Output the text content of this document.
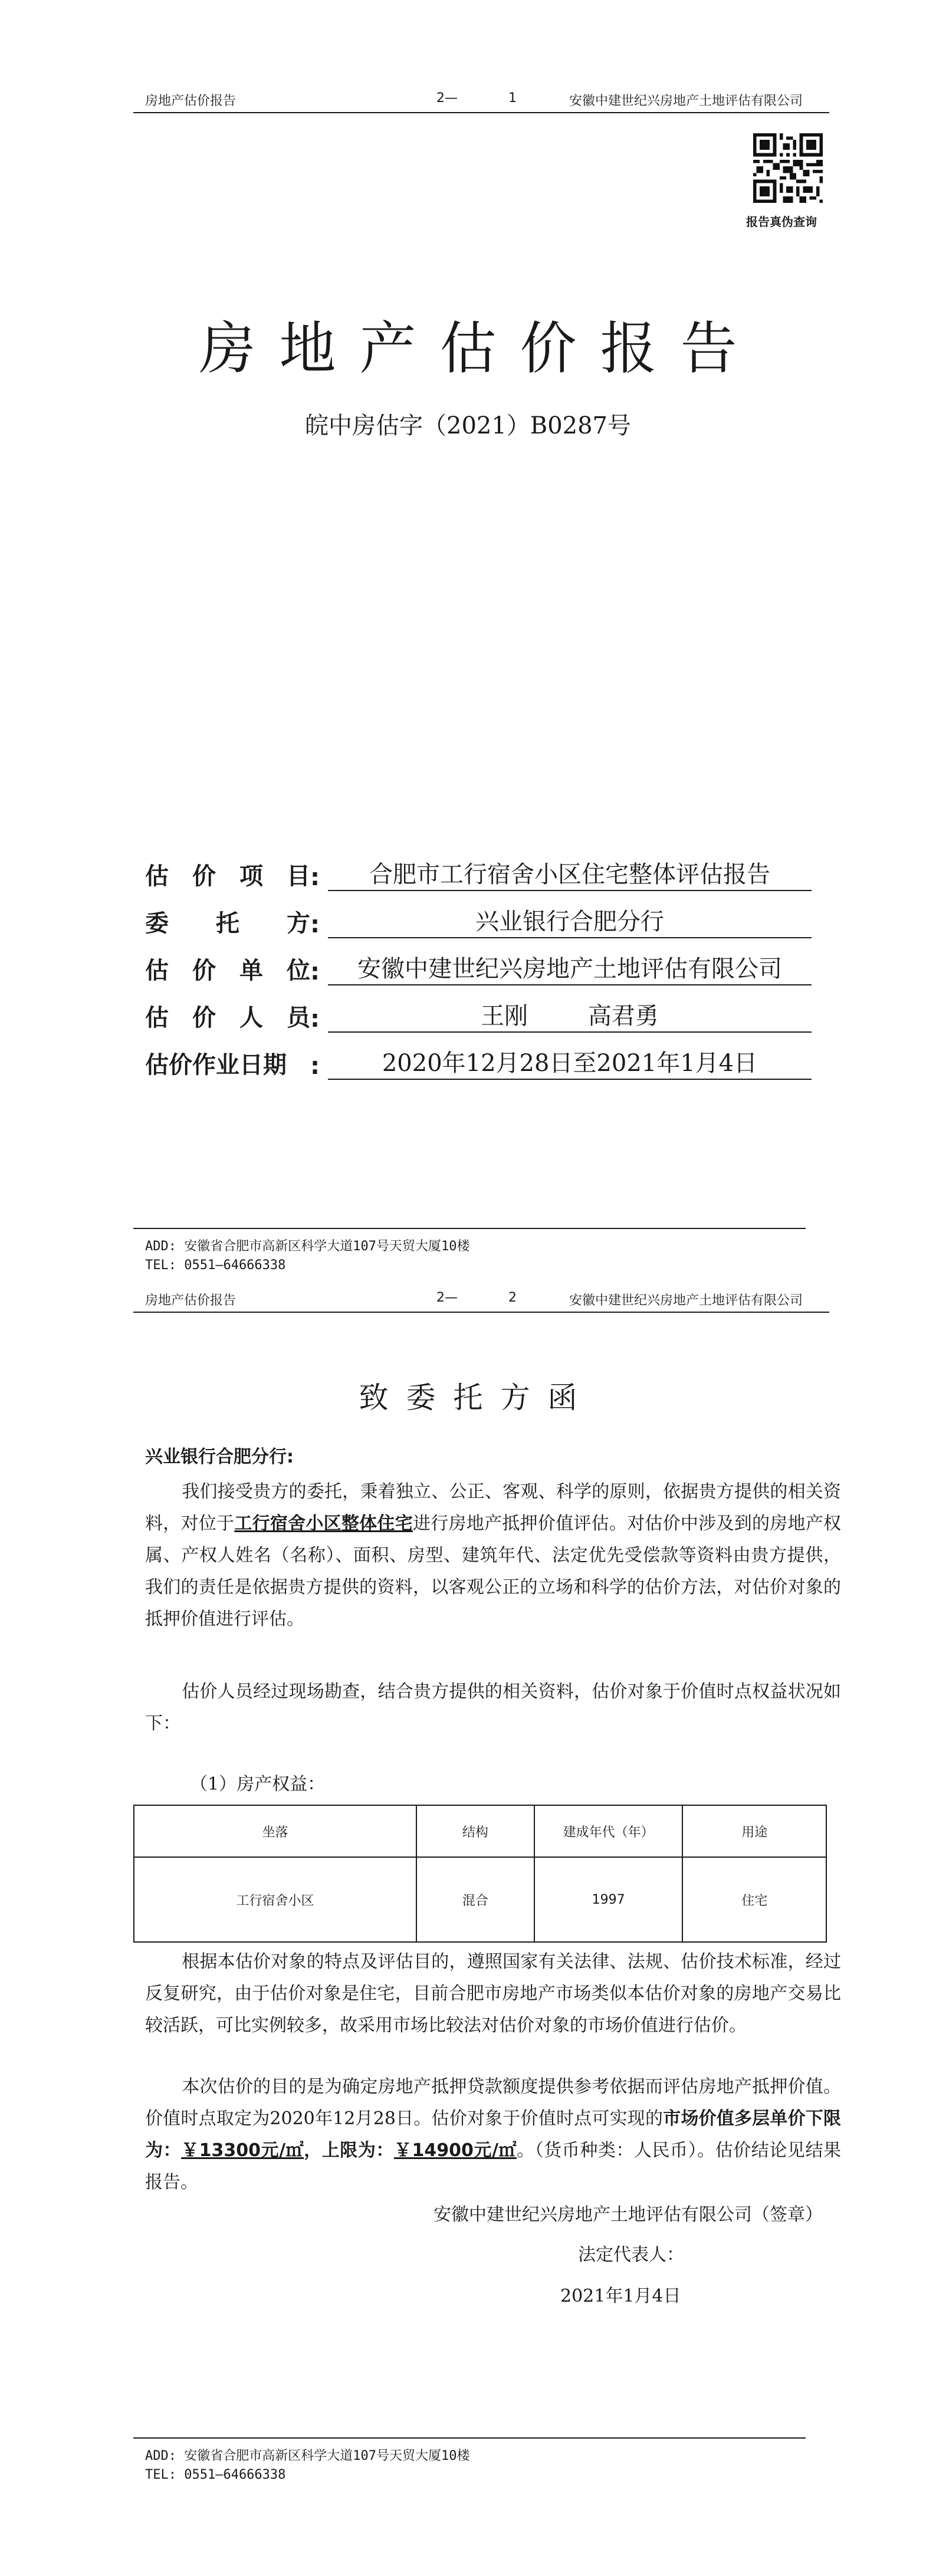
房地产估价报告	2—	1	安徽中建世纪兴房地产土地评估有限公司
报告真伪查询
房地产估价报告
皖中房估字（2021）B0287号
估 价 项 目 :	合肥市工行宿舍小区住宅整体评估报告
委 托 方 :	兴业银行合肥分行
估 价 单 位 :	安徽中建世纪兴房地产土地评估有限公司
估 价 人 员 :	王刚        高君勇
估价作业日期 :	2020年12月28日至2021年1月4日
ADD: 安徽省合肥市高新区科学大道107号天贸大厦10楼
TEL: 0551—64666338
房地产估价报告	2—	2	安徽中建世纪兴房地产土地评估有限公司
致委托方函
兴业银行合肥分行:
我们接受贵方的委托，秉着独立、公正、客观、科学的原则，依据贵方提供的相关资料，对位于工行宿舍小区整体住宅进行房地产抵押价值评估。对估价中涉及到的房地产权属、产权人姓名（名称）、面积、房型、建筑年代、法定优先受偿款等资料由贵方提供，我们的责任是依据贵方提供的资料，以客观公正的立场和科学的估价方法，对估价对象的抵押价值进行评估。
估价人员经过现场勘查，结合贵方提供的相关资料，估价对象于价值时点权益状况如下：
（1）房产权益：
坐落	结构	建成年代（年）	用途
工行宿舍小区	混合	1997	住宅
根据本估价对象的特点及评估目的，遵照国家有关法律、法规、估价技术标准，经过反复研究，由于估价对象是住宅，目前合肥市房地产市场类似本估价对象的房地产交易比较活跃，可比实例较多，故采用市场比较法对估价对象的市场价值进行估价。
本次估价的目的是为确定房地产抵押贷款额度提供参考依据而评估房地产抵押价值。价值时点取定为2020年12月28日。估价对象于价值时点可实现的市场价值多层单价下限为：￥13300元/㎡，上限为：￥14900元/㎡。（货币种类：人民币）。估价结论见结果报告。
安徽中建世纪兴房地产土地评估有限公司（签章）
法定代表人：
2021年1月4日
ADD: 安徽省合肥市高新区科学大道107号天贸大厦10楼
TEL: 0551—64666338
